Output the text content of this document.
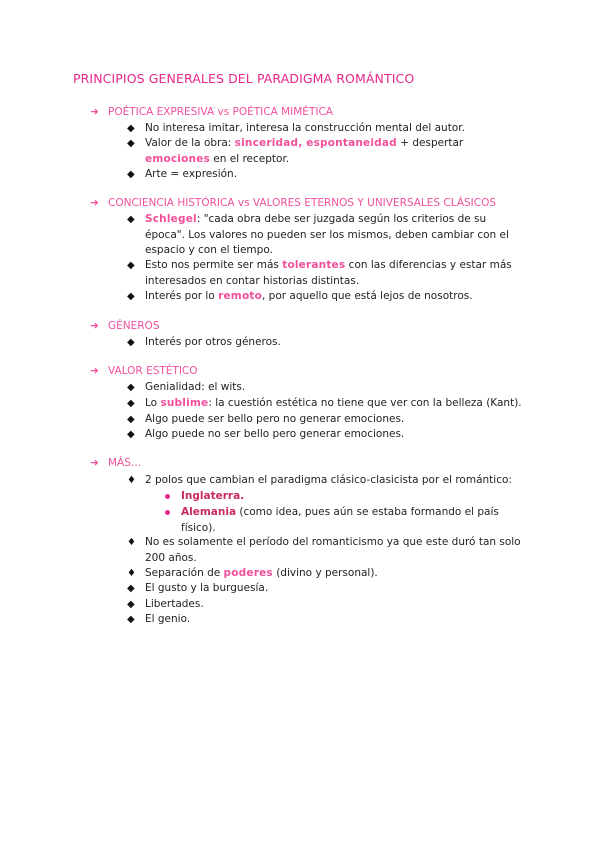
PRINCIPIOS GENERALES DEL PARADIGMA ROMÁNTICO
➜ POÉTICA EXPRESIVA vs POÉTICA MIMÉTICA
◆ No interesa imitar, interesa la construcción mental del autor.
◆ Valor de la obra: sinceridad, espontaneidad + despertar emociones en el receptor.
◆ Arte = expresión.
➜ CONCIENCIA HISTÓRICA vs VALORES ETERNOS Y UNIVERSALES CLÁSICOS
◆ Schlegel: "cada obra debe ser juzgada según los criterios de su época". Los valores no pueden ser los mismos, deben cambiar con el espacio y con el tiempo.
◆ Esto nos permite ser más tolerantes con las diferencias y estar más interesados en contar historias distintas.
◆ Interés por lo remoto, por aquello que está lejos de nosotros.
➜ GÉNEROS
◆ Interés por otros géneros.
➜ VALOR ESTÉTICO
◆ Genialidad: el wits.
◆ Lo sublime: la cuestión estética no tiene que ver con la belleza (Kant).
◆ Algo puede ser bello pero no generar emociones.
◆ Algo puede no ser bello pero generar emociones.
➜ MÁS…
♦ 2 polos que cambian el paradigma clásico-clasicista por el romántico:
Inglaterra.
Alemania (como idea, pues aún se estaba formando el país físico).
♦ No es solamente el período del romanticismo ya que este duró tan solo 200 años.
♦ Separación de poderes (divino y personal).
◆ El gusto y la burguesía.
◆ Libertades.
◆ El genio.
